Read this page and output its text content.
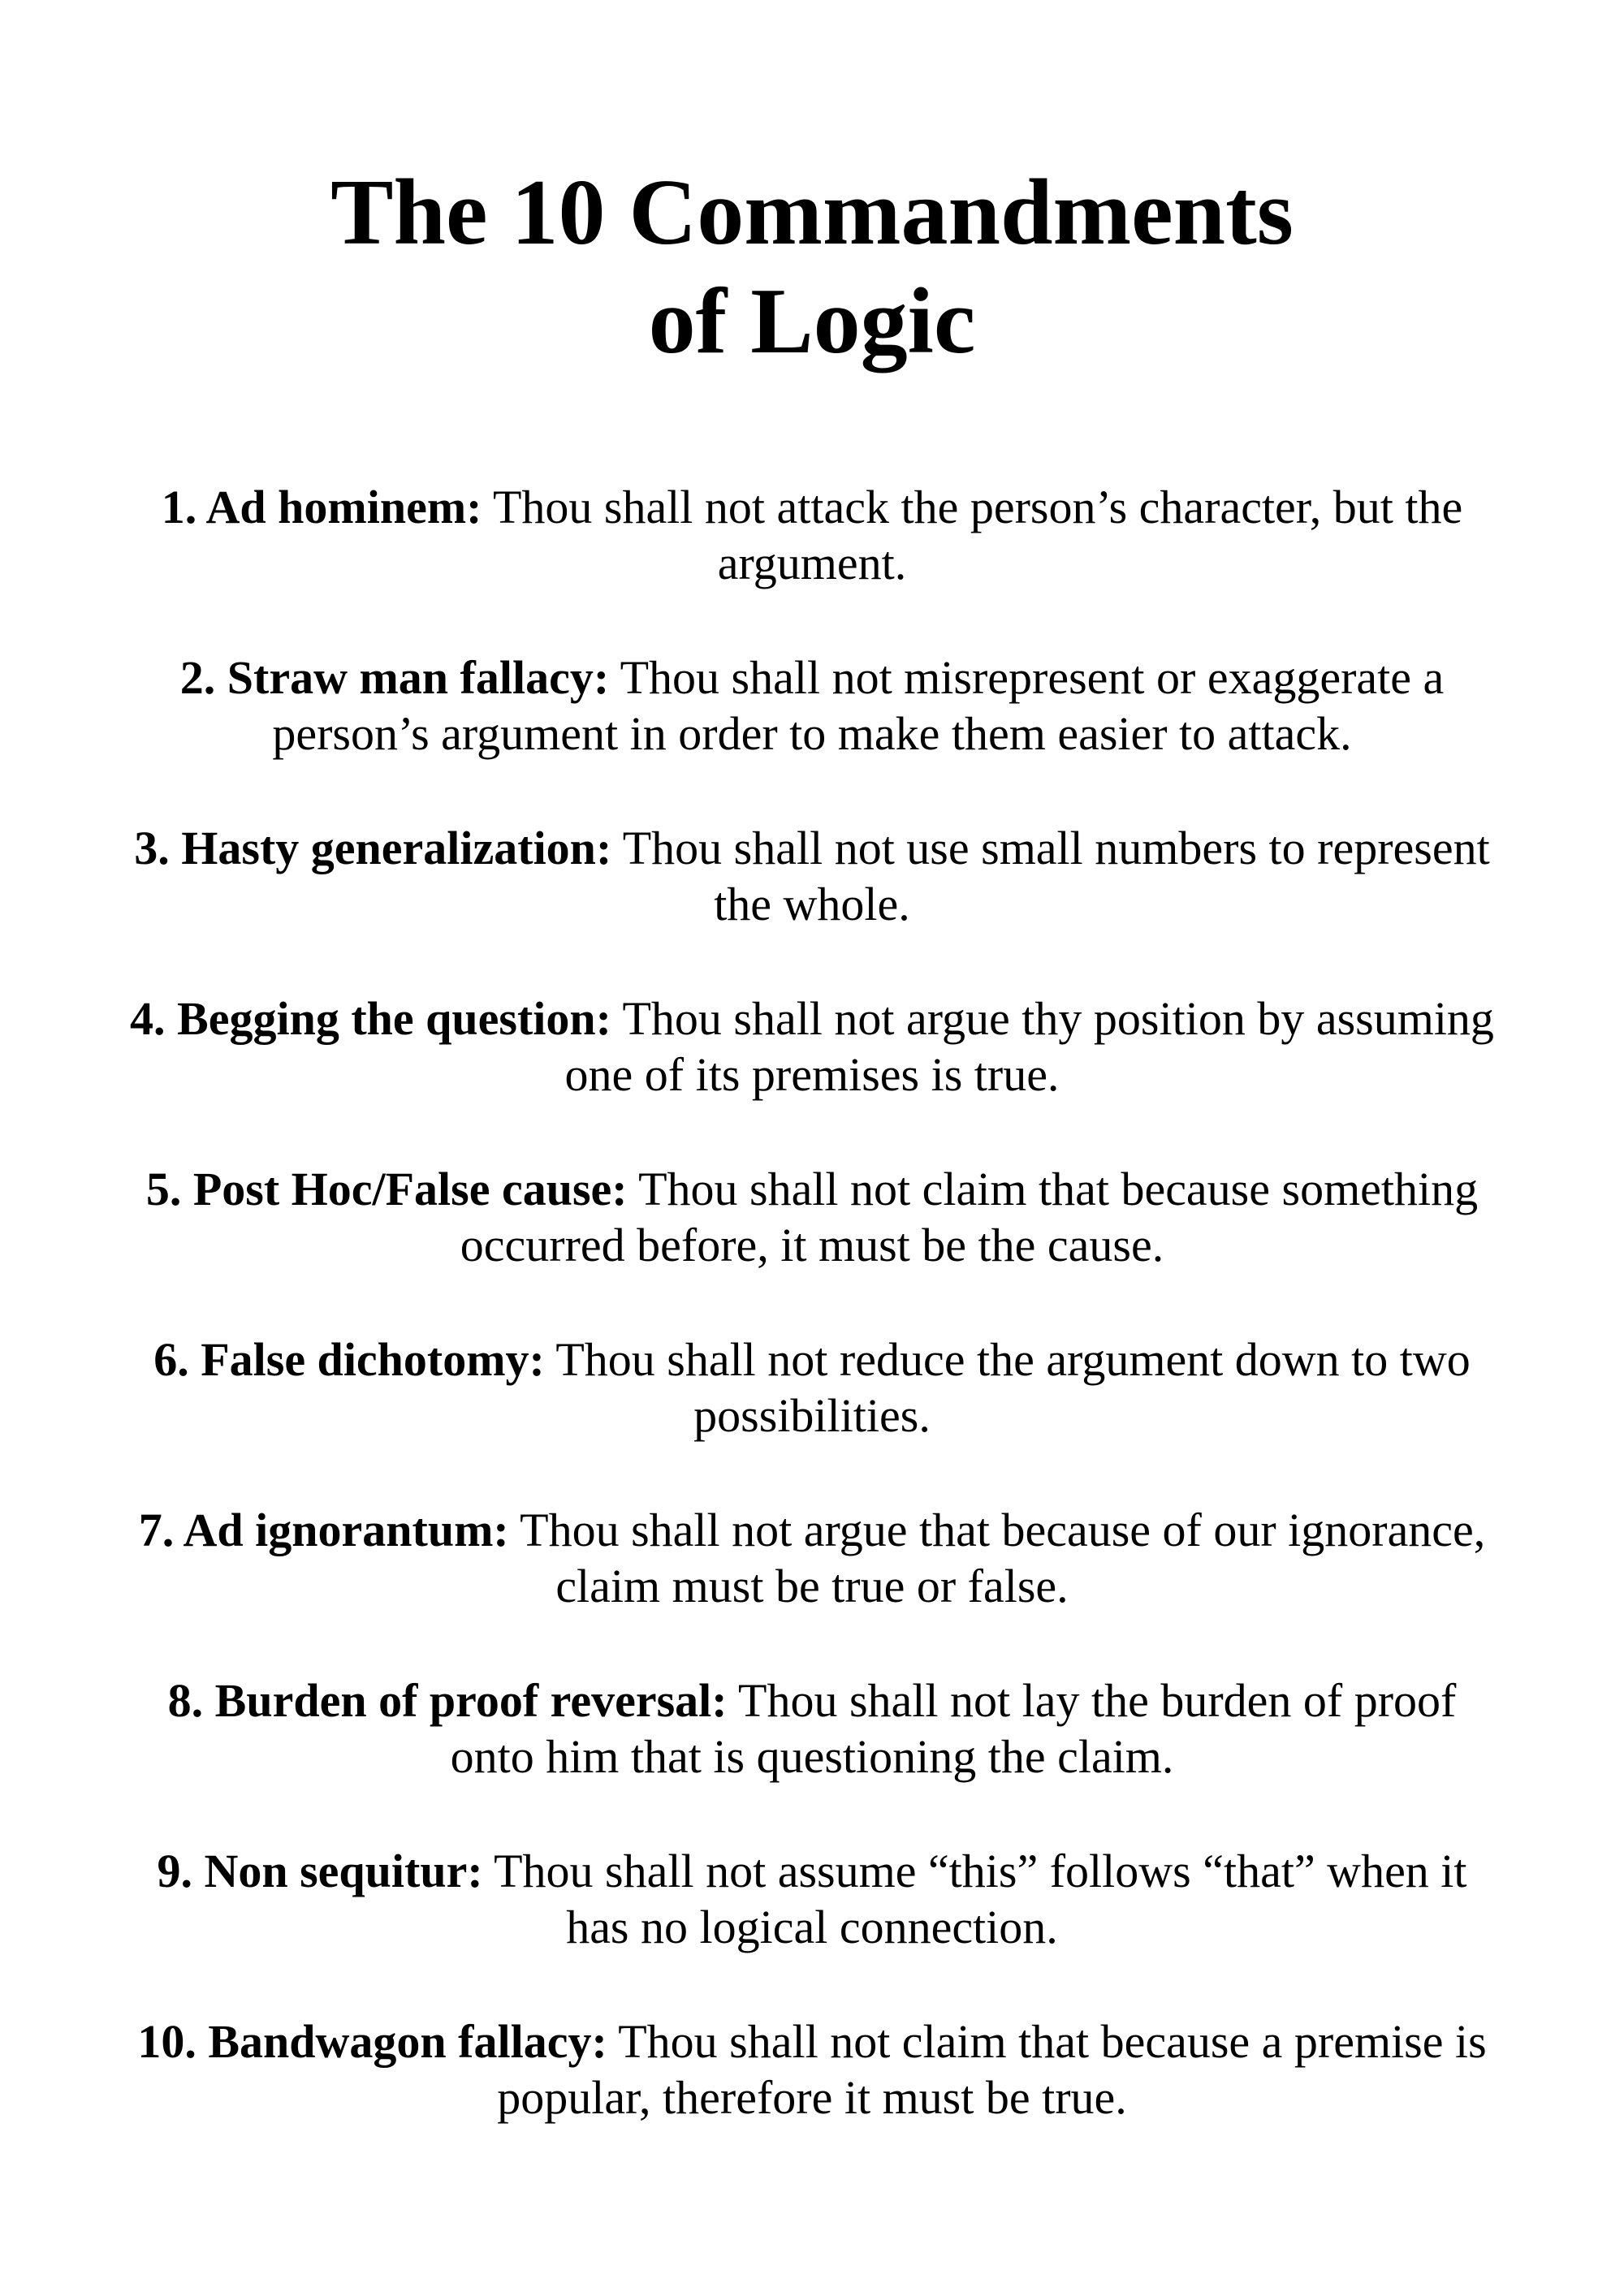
The 10 Commandments
of Logic
1. Ad hominem: Thou shall not attack the person’s character, but the argument.
2. Straw man fallacy: Thou shall not misrepresent or exaggerate a person’s argument in order to make them easier to attack.
3. Hasty generalization: Thou shall not use small numbers to represent the whole.
4. Begging the question: Thou shall not argue thy position by assuming one of its premises is true.
5. Post Hoc/False cause: Thou shall not claim that because something occurred before, it must be the cause.
6. False dichotomy: Thou shall not reduce the argument down to two possibilities.
7. Ad ignorantum: Thou shall not argue that because of our ignorance, claim must be true or false.
8. Burden of proof reversal: Thou shall not lay the burden of proof onto him that is questioning the claim.
9. Non sequitur: Thou shall not assume “this” follows “that” when it has no logical connection.
10. Bandwagon fallacy: Thou shall not claim that because a premise is popular, therefore it must be true.
